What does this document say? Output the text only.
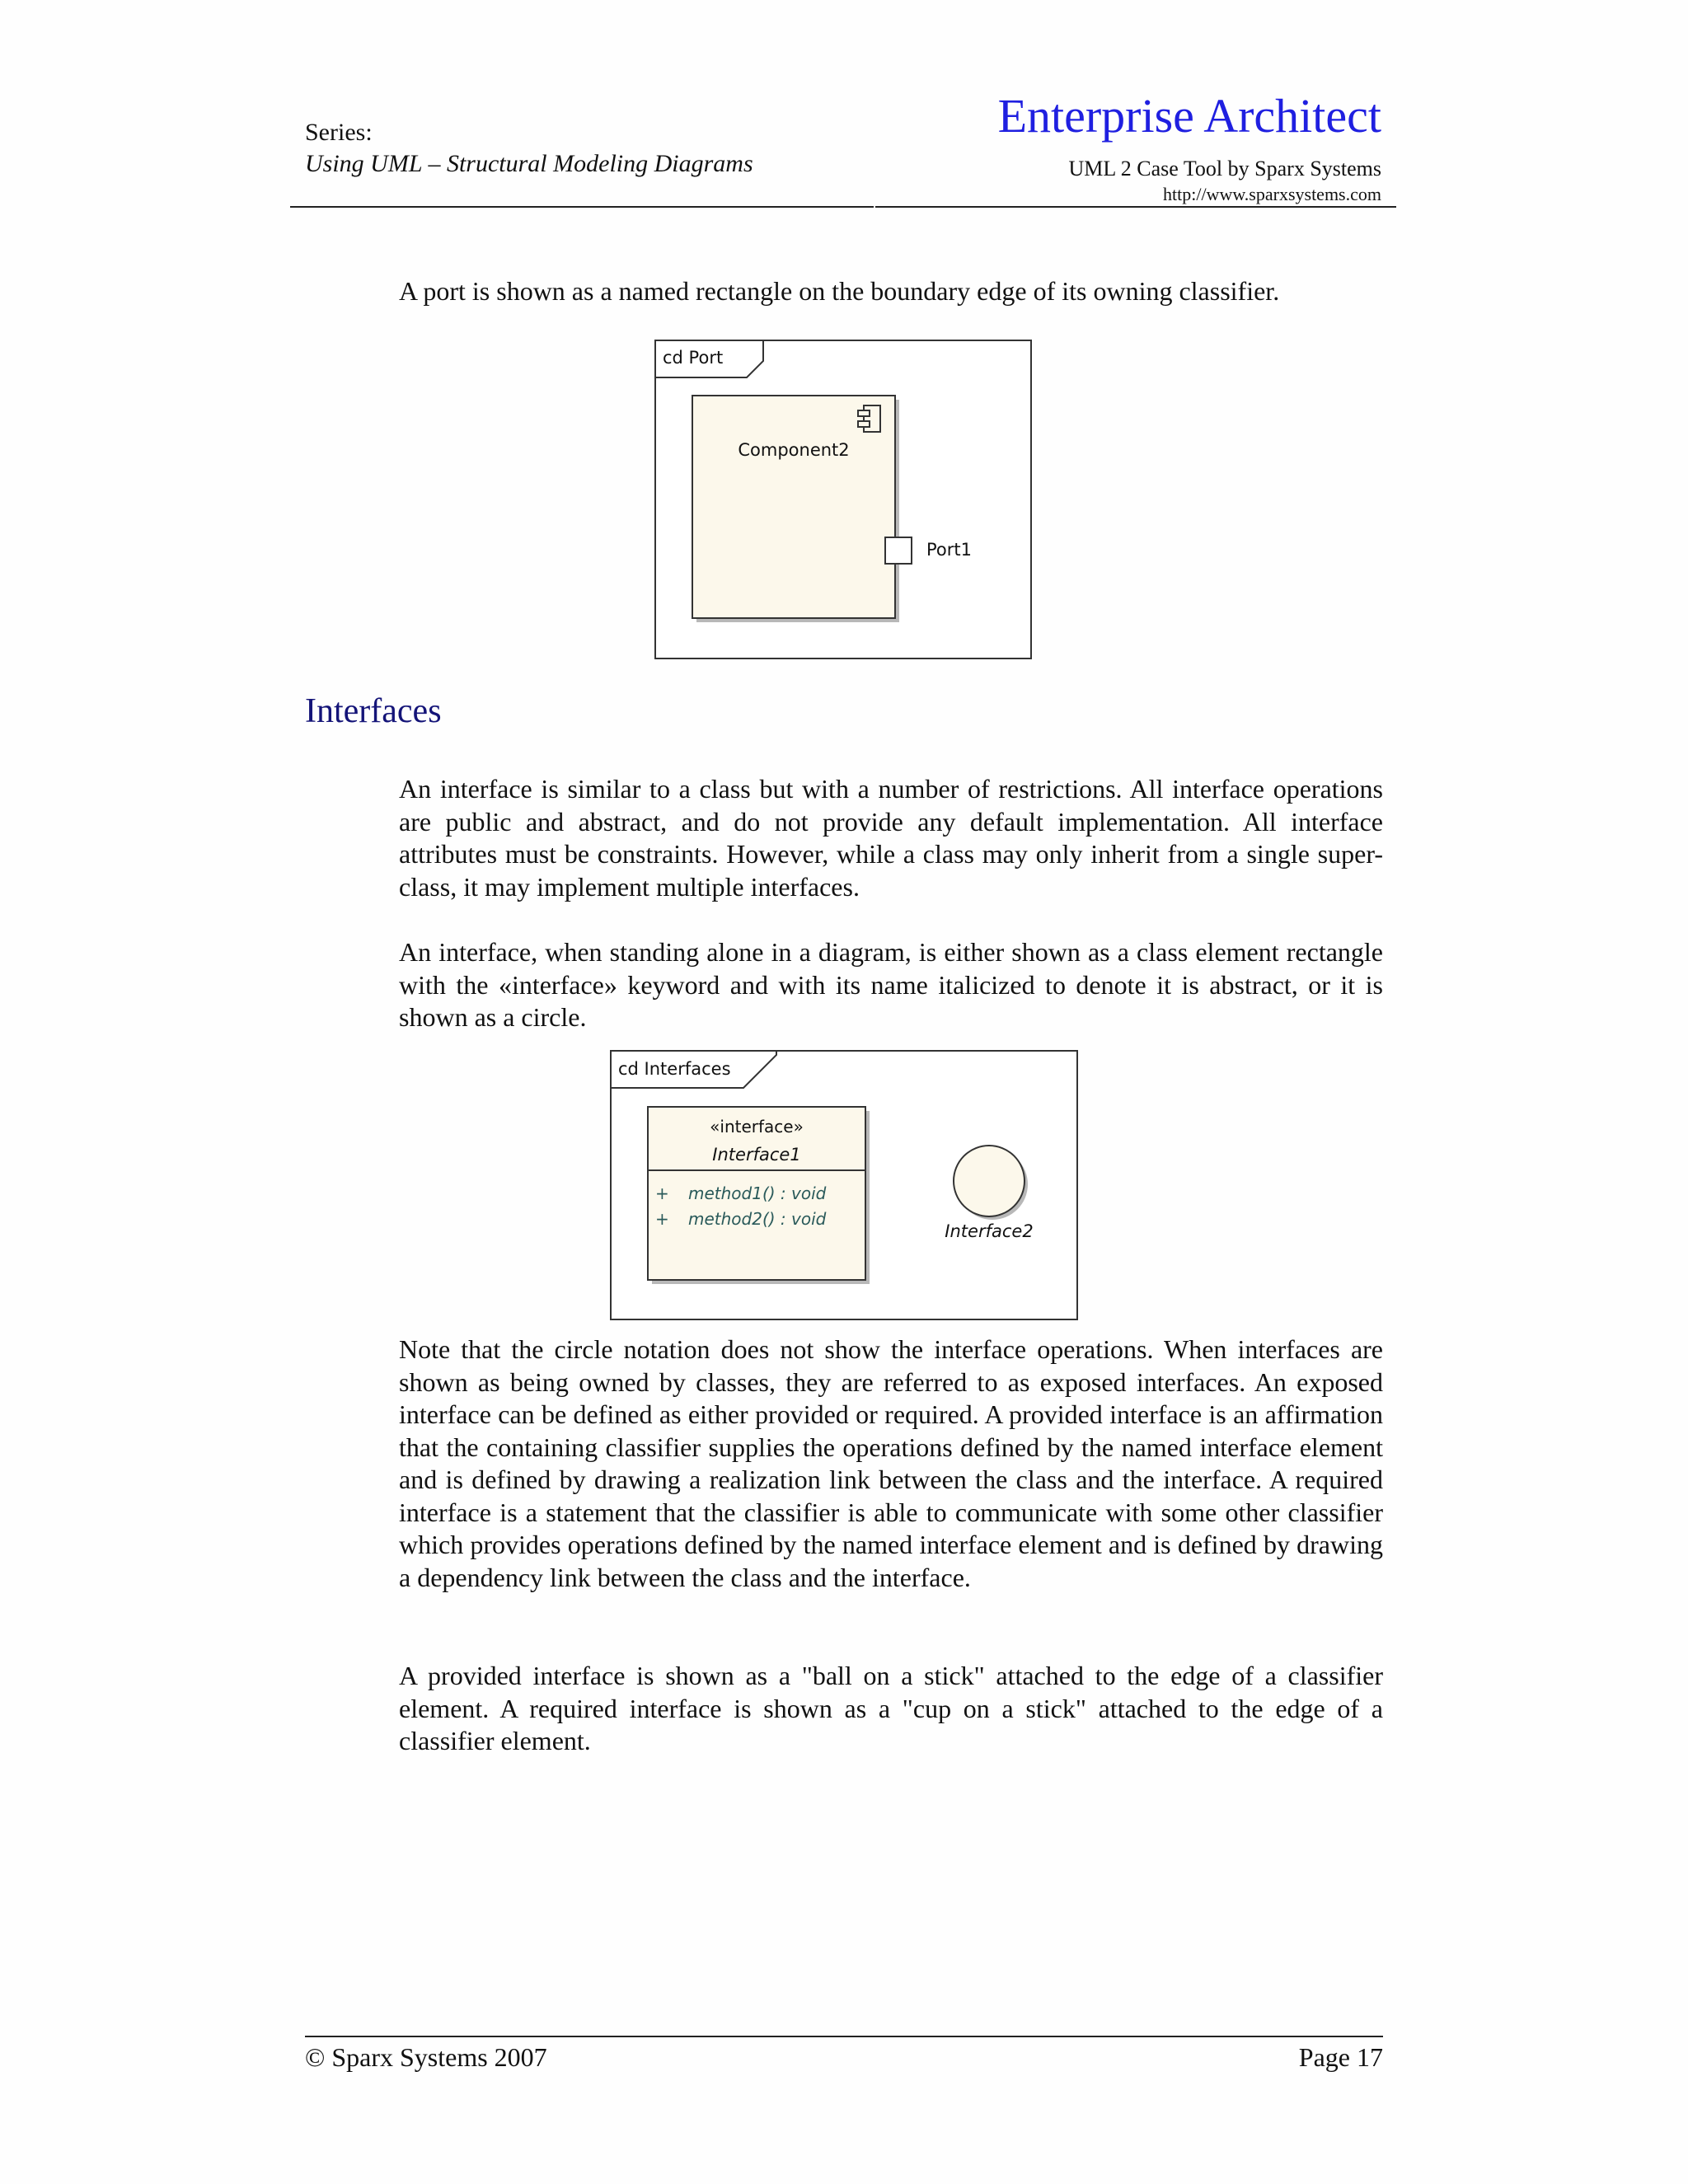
Series:
Using UML – Structural Modeling Diagrams
Enterprise Architect
UML 2 Case Tool by Sparx Systems
http://www.sparxsystems.com

A port is shown as a named rectangle on the boundary edge of its owning classifier.

cd Port
Component2
Port1
Interfaces

An interface is similar to a class but with a number of restrictions. All interface operations are public and abstract, and do not provide any default implementation. All interface attributes must be constraints. However, while a class may only inherit from a single super-class, it may implement multiple interfaces.

An interface, when standing alone in a diagram, is either shown as a class element rectangle with the «interface» keyword and with its name italicized to denote it is abstract, or it is shown as a circle.

cd Interfaces
«interface»
Interface1
+ method1() : void
+ method2() : void
Interface2

Note that the circle notation does not show the interface operations. When interfaces are shown as being owned by classes, they are referred to as exposed interfaces. An exposed interface can be defined as either provided or required. A provided interface is an affirmation that the containing classifier supplies the operations defined by the named interface element and is defined by drawing a realization link between the class and the interface. A required interface is a statement that the classifier is able to communicate with some other classifier which provides operations defined by the named interface element and is defined by drawing a dependency link between the class and the interface.

A provided interface is shown as a "ball on a stick" attached to the edge of a classifier element. A required interface is shown as a "cup on a stick" attached to the edge of a classifier element.

© Sparx Systems 2007	Page 17
